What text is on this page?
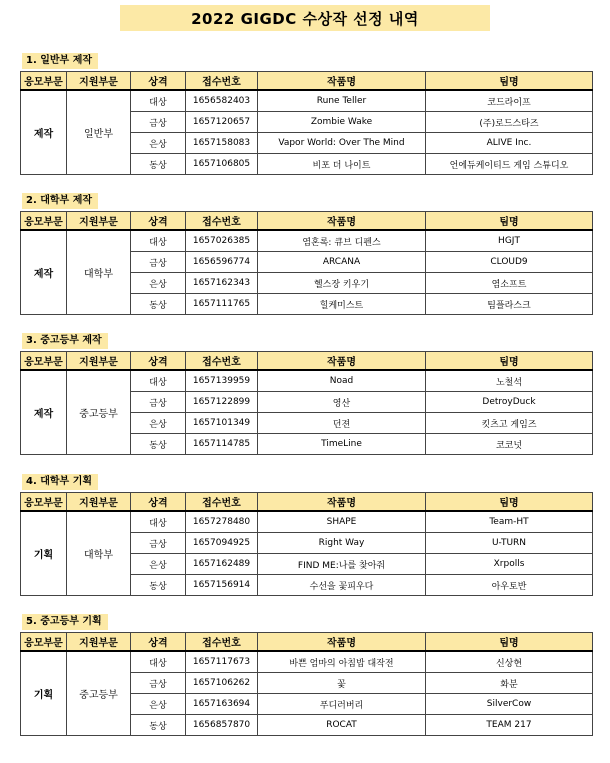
2022 GIGDC 수상작 선정 내역
1. 일반부 제작
응모부문	지원부문	상격	접수번호	작품명	팀명
제작	일반부	대상	1656582403	Rune Teller	코드라이프
		금상	1657120657	Zombie Wake	(주)로드스타즈
		은상	1657158083	Vapor World: Over The Mind	ALIVE Inc.
		동상	1657106805	비포 더 나이트	언에듀케이티드 게임 스튜디오
2. 대학부 제작
응모부문	지원부문	상격	접수번호	작품명	팀명
제작	대학부	대상	1657026385	염혼록: 큐브 디펜스	HGJT
		금상	1656596774	ARCANA	CLOUD9
		은상	1657162343	헬스장 키우기	염소프트
		동상	1657111765	힐케미스트	팀플라스크
3. 중고등부 제작
응모부문	지원부문	상격	접수번호	작품명	팀명
제작	중고등부	대상	1657139959	Noad	노철석
		금상	1657122899	영산	DetroyDuck
		은상	1657101349	던젼	킷츠고 게임즈
		동상	1657114785	TimeLine	코코넛
4. 대학부 기획
응모부문	지원부문	상격	접수번호	작품명	팀명
기획	대학부	대상	1657278480	SHAPE	Team-HT
		금상	1657094925	Right Way	U-TURN
		은상	1657162489	FIND ME:나를 찾아줘	Xrpolls
		동상	1657156914	수선을 꽃피우다	아우토반
5. 중고등부 기획
응모부문	지원부문	상격	접수번호	작품명	팀명
기획	중고등부	대상	1657117673	바쁜 엄마의 아침밥 대작전	신상현
		금상	1657106262	꽃	화분
		은상	1657163694	푸디러버리	SilverCow
		동상	1656857870	ROCAT	TEAM 217
